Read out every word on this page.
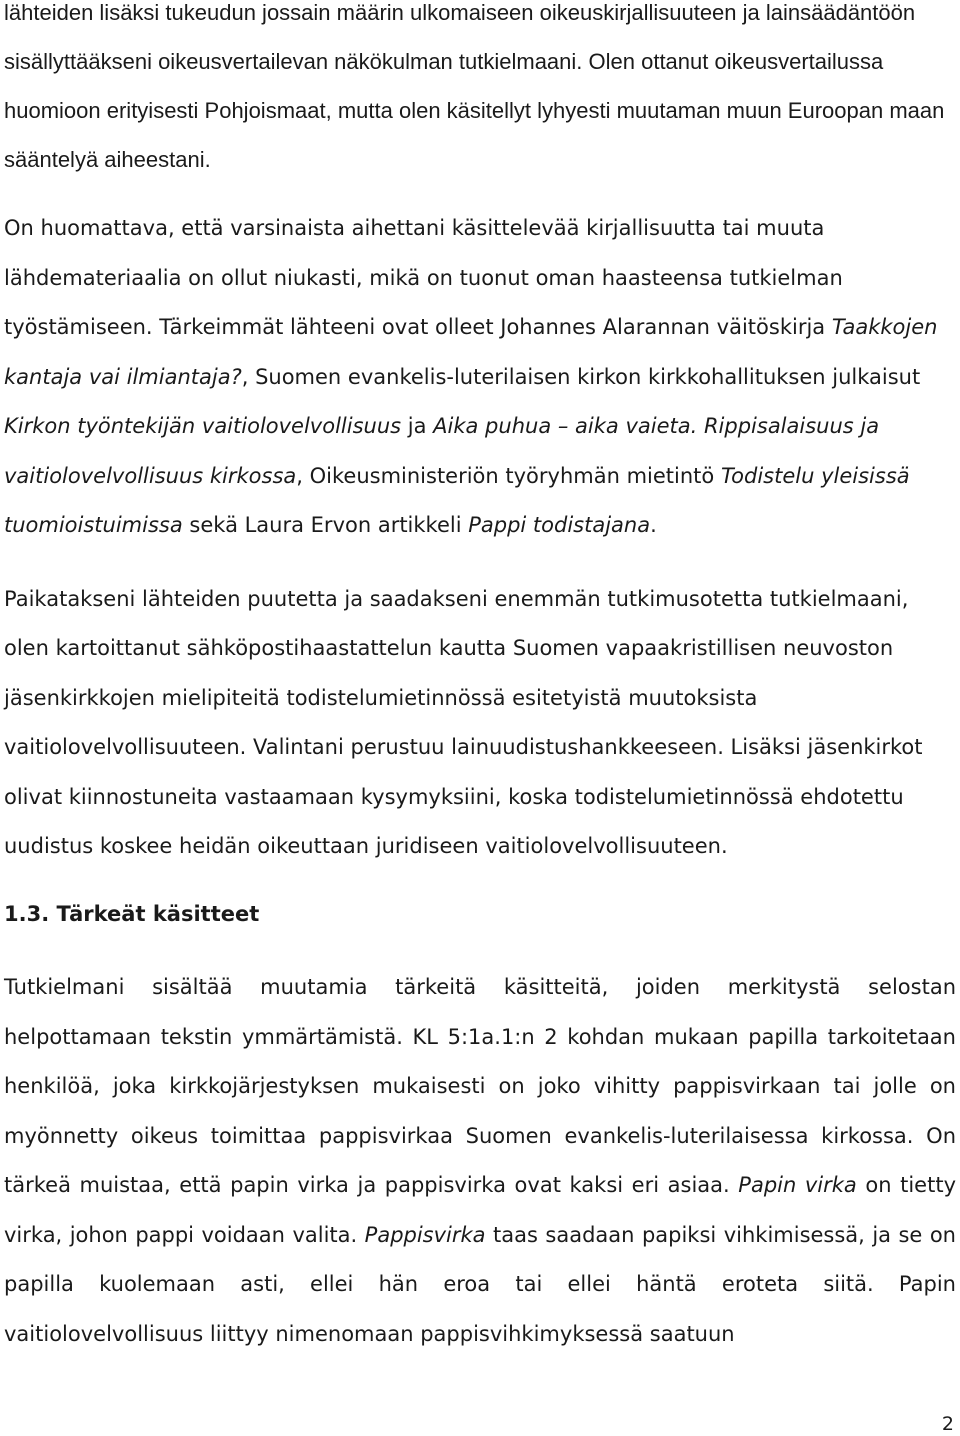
lähteiden lisäksi tukeudun jossain määrin ulkomaiseen oikeuskirjallisuuteen ja lainsäädäntöön sisällyttääkseni oikeusvertailevan näkökulman tutkielmaani. Olen ottanut oikeusvertailussa huomioon erityisesti Pohjoismaat, mutta olen käsitellyt lyhyesti muutaman muun Euroopan maan sääntelyä aiheestani.

On huomattava, että varsinaista aihettani käsittelevää kirjallisuutta tai muuta lähdemateriaalia on ollut niukasti, mikä on tuonut oman haasteensa tutkielman työstämiseen. Tärkeimmät lähteeni ovat olleet Johannes Alarannan väitöskirja Taakkojen kantaja vai ilmiantaja?, Suomen evankelis-luterilaisen kirkon kirkkohallituksen julkaisut Kirkon työntekijän vaitiolovelvollisuus ja Aika puhua – aika vaieta. Rippisalaisuus ja vaitiolovelvollisuus kirkossa, Oikeusministeriön työryhmän mietintö Todistelu yleisissä tuomioistuimissa sekä Laura Ervon artikkeli Pappi todistajana.

Paikatakseni lähteiden puutetta ja saadakseni enemmän tutkimusotetta tutkielmaani, olen kartoittanut sähköpostihaastattelun kautta Suomen vapaakristillisen neuvoston jäsenkirkkojen mielipiteitä todistelumietinnössä esitetyistä muutoksista vaitiolovelvollisuuteen. Valintani perustuu lainuudistushankkeeseen. Lisäksi jäsenkirkot olivat kiinnostuneita vastaamaan kysymyksiini, koska todistelumietinnössä ehdotettu uudistus koskee heidän oikeuttaan juridiseen vaitiolovelvollisuuteen.

1.3. Tärkeät käsitteet

Tutkielmani sisältää muutamia tärkeitä käsitteitä, joiden merkitystä selostan helpottamaan tekstin ymmärtämistä. KL 5:1a.1:n 2 kohdan mukaan papilla tarkoitetaan henkilöä, joka kirkkojärjestyksen mukaisesti on joko vihitty pappisvirkaan tai jolle on myönnetty oikeus toimittaa pappisvirkaa Suomen evankelis-luterilaisessa kirkossa. On tärkeä muistaa, että papin virka ja pappisvirka ovat kaksi eri asiaa. Papin virka on tietty virka, johon pappi voidaan valita. Pappisvirka taas saadaan papiksi vihkimisessä, ja se on papilla kuolemaan asti, ellei hän eroa tai ellei häntä eroteta siitä. Papin vaitiolovelvollisuus liittyy nimenomaan pappisvihkimyksessä saatuun

2
